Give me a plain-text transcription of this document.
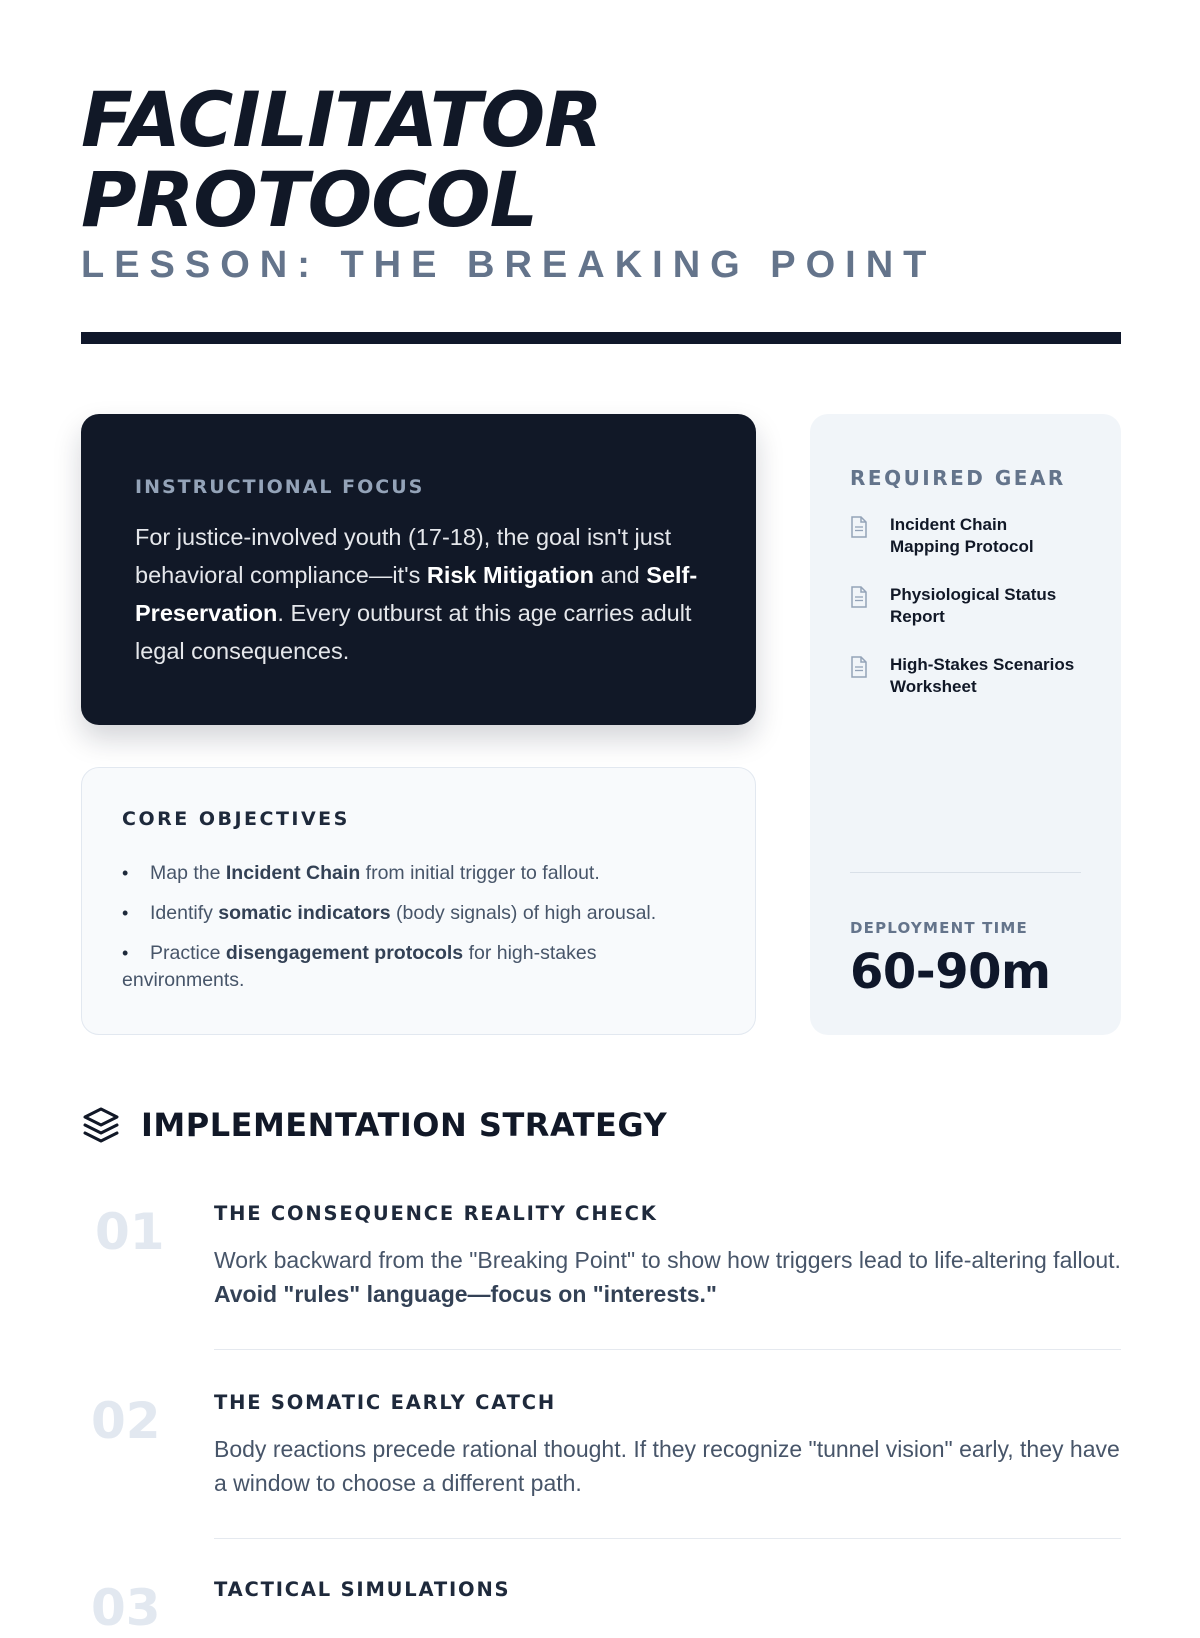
FACILITATOR
PROTOCOL
LESSON: THE BREAKING POINT
INSTRUCTIONAL FOCUS

For justice-involved youth (17-18), the goal isn't just behavioral compliance—it's Risk Mitigation and Self-Preservation. Every outburst at this age carries adult legal consequences.

CORE OBJECTIVES
• Map the Incident Chain from initial trigger to fallout.
• Identify somatic indicators (body signals) of high arousal.
• Practice disengagement protocols for high-stakes environments.
REQUIRED GEAR
Incident Chain Mapping Protocol
Physiological Status Report
High-Stakes Scenarios Worksheet
DEPLOYMENT TIME
60-90m
IMPLEMENTATION STRATEGY
01	THE CONSEQUENCE REALITY CHECK

Work backward from the "Breaking Point" to show how triggers lead to life-altering fallout. Avoid "rules" language—focus on "interests."

02	THE SOMATIC EARLY CATCH

Body reactions precede rational thought. If they recognize "tunnel vision" early, they have a window to choose a different path.

03	TACTICAL SIMULATIONS
